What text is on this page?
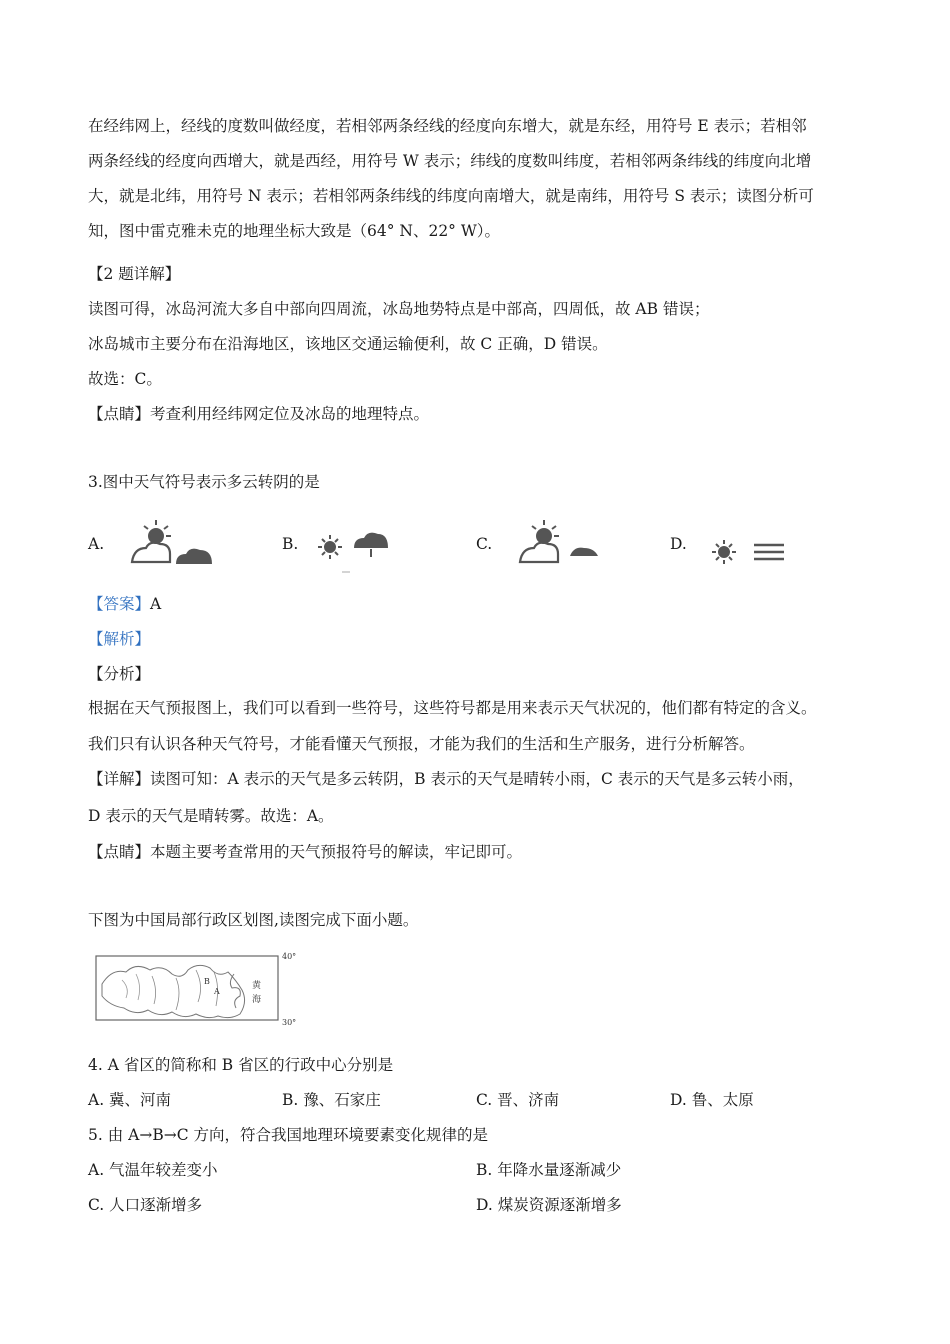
在经纬网上，经线的度数叫做经度，若相邻两条经线的经度向东增大，就是东经，用符号 E 表示；若相邻
两条经线的经度向西增大，就是西经，用符号 W 表示；纬线的度数叫纬度，若相邻两条纬线的纬度向北增
大，就是北纬，用符号 N 表示；若相邻两条纬线的纬度向南增大，就是南纬，用符号 S 表示；读图分析可
知，图中雷克雅未克的地理坐标大致是（64° N、22° W）。
【2 题详解】
读图可得，冰岛河流大多自中部向四周流，冰岛地势特点是中部高，四周低，故 AB 错误；
冰岛城市主要分布在沿海地区，该地区交通运输便利，故 C 正确，D 错误。
故选：C。
【点睛】考查利用经纬网定位及冰岛的地理特点。
3.图中天气符号表示多云转阴的是
A.	B.	C.	D.
【答案】A
【解析】
【分析】
根据在天气预报图上，我们可以看到一些符号，这些符号都是用来表示天气状况的，他们都有特定的含义。
我们只有认识各种天气符号，才能看懂天气预报，才能为我们的生活和生产服务，进行分析解答。
【详解】读图可知：A 表示的天气是多云转阴，B 表示的天气是晴转小雨，C 表示的天气是多云转小雨，
D 表示的天气是晴转雾。故选：A。
【点睛】本题主要考查常用的天气预报符号的解读，牢记即可。
下图为中国局部行政区划图,读图完成下面小题。
B
A
黄
海
40°
30°
4. A 省区的简称和 B 省区的行政中心分别是
A. 冀、河南	B. 豫、石家庄	C. 晋、济南	D. 鲁、太原
5. 由 A→B→C 方向，符合我国地理环境要素变化规律的是
A. 气温年较差变小	B. 年降水量逐渐减少
C. 人口逐渐增多	D. 煤炭资源逐渐增多
